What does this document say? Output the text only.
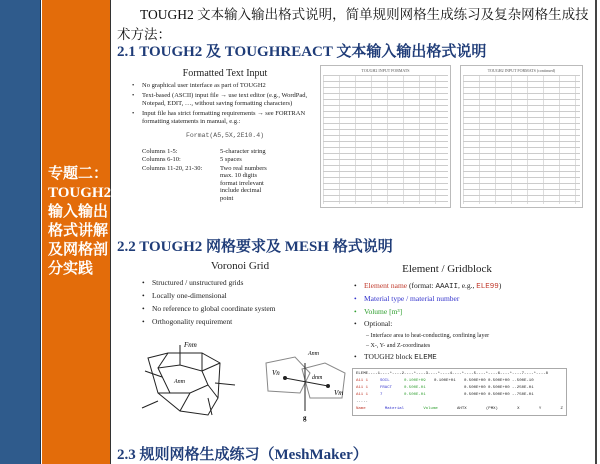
专题二：TOUGH2输入输出格式讲解及网格剖分实践
TOUGH2 文本输入输出格式说明，简单规则网格生成练习及复杂网格生成技
术方法：
2.1 TOUGH2 及 TOUGHREACT 文本输入输出格式说明
Formatted Text Input
• No graphical user interface as part of TOUGH2
• Text-based (ASCII) input file → use text editor (e.g., WordPad, Notepad, EDIT, …, without saving formatting characters)
• Input file has strict formatting requirements → see FORTRAN formatting statements in manual, e.g.:
Format(A5,5X,2E10.4)
Columns 1-5:	5-character string
Columns 6-10:	5 spaces
Columns 11-20, 21-30:	Two real numbers max. 10 digits format irrelevant include decimal point
TOUGH2 INPUT FORMATS	TOUGH2 INPUT FORMATS (continued)
2.2 TOUGH2 网格要求及 MESH 格式说明
Voronoi Grid
• Structured / unstructured grids
• Locally one-dimensional
• No reference to global coordinate system
• Orthogonality requirement
Fnm
Anm
Vn
Vm
Anm
dnm
g
Element / Gridblock
• Element name (format: AAAII, e.g., ELE99)
• Material type / material number
• Volume [m³]
• Optional:
– Interface area to heat-conducting, confining layer
– X-, Y- and Z-coordinates
• TOUGH2 block ELEME
ELEME----1----*----2----*----3----*----4----*----5----*----6----*----7----*----8
A11 1	SOIL	0.100E+09	0.100E+01	0.500E+00 0.500E+00 -.500E-10
A11 1	FRACT	0.500E-01	0.500E+00 0.500E+00 -.250E-01
A11 1	7	0.500E-01	0.500E+00 0.500E+00 -.750E-01
.....
Name	Material	Volume	AHTX	(PMX)	X	Y	Z
2.3 规则网格生成练习（MeshMaker）
